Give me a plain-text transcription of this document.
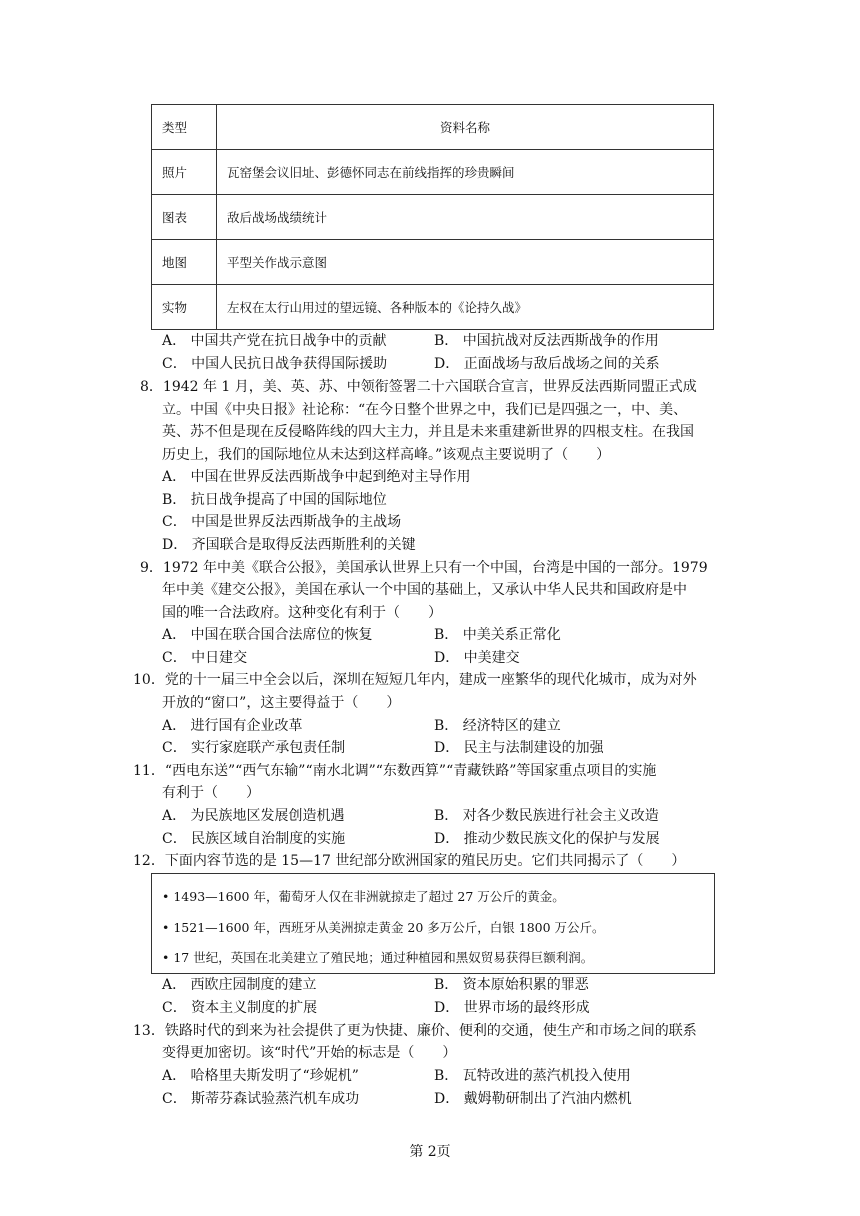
类型	资料名称
照片	瓦窑堡会议旧址、彭德怀同志在前线指挥的珍贵瞬间
图表	敌后战场战绩统计
地图	平型关作战示意图
实物	左权在太行山用过的望远镜、各种版本的《论持久战》
A． 中国共产党在抗日战争中的贡献	B． 中国抗战对反法西斯战争的作用
C． 中国人民抗日战争获得国际援助	D． 正面战场与敌后战场之间的关系
8．1942 年 1 月，美、英、苏、中领衔签署二十六国联合宣言，世界反法西斯同盟正式成
立。中国《中央日报》社论称：“在今日整个世界之中，我们已是四强之一，中、美、
英、苏不但是现在反侵略阵线的四大主力，并且是未来重建新世界的四根支柱。在我国
历史上，我们的国际地位从未达到这样高峰。”该观点主要说明了（　　）
A． 中国在世界反法西斯战争中起到绝对主导作用
B． 抗日战争提高了中国的国际地位
C． 中国是世界反法西斯战争的主战场
D． 齐国联合是取得反法西斯胜利的关键
9．1972 年中美《联合公报》，美国承认世界上只有一个中国，台湾是中国的一部分。1979
年中美《建交公报》，美国在承认一个中国的基础上，又承认中华人民共和国政府是中
国的唯一合法政府。这种变化有利于（　　）
A． 中国在联合国合法席位的恢复	B． 中美关系正常化
C． 中日建交	D． 中美建交
10．党的十一届三中全会以后，深圳在短短几年内，建成一座繁华的现代化城市，成为对外
开放的“窗口”，这主要得益于（　　）
A． 进行国有企业改革	B． 经济特区的建立
C． 实行家庭联产承包责任制	D． 民主与法制建设的加强
11．“西电东送”“西气东输”“南水北调”“东数西算”“青藏铁路”等国家重点项目的实施
有利于（　　）
A． 为民族地区发展创造机遇	B． 对各少数民族进行社会主义改造
C． 民族区域自治制度的实施	D． 推动少数民族文化的保护与发展
12．下面内容节选的是 15—17 世纪部分欧洲国家的殖民历史。它们共同揭示了（　　）
• 1493—1600 年，葡萄牙人仅在非洲就掠走了超过 27 万公斤的黄金。
• 1521—1600 年，西班牙从美洲掠走黄金 20 多万公斤，白银 1800 万公斤。
• 17 世纪，英国在北美建立了殖民地；通过种植园和黑奴贸易获得巨额利润。
A． 西欧庄园制度的建立	B． 资本原始积累的罪恶
C． 资本主义制度的扩展	D． 世界市场的最终形成
13．铁路时代的到来为社会提供了更为快捷、廉价、便利的交通，使生产和市场之间的联系
变得更加密切。该“时代”开始的标志是（　　）
A． 哈格里夫斯发明了“珍妮机”	B． 瓦特改进的蒸汽机投入使用
C． 斯蒂芬森试验蒸汽机车成功	D． 戴姆勒研制出了汽油内燃机
第 2页
